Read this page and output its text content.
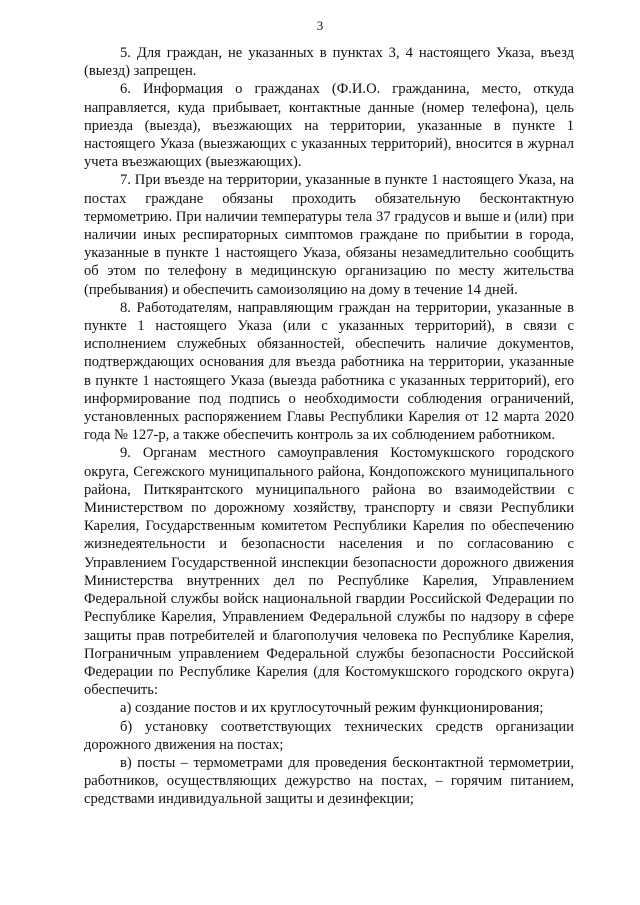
3

5. Для граждан, не указанных в пунктах 3, 4 настоящего Указа, въезд (выезд) запрещен.

6. Информация о гражданах (Ф.И.О. гражданина, место, откуда направляется, куда прибывает, контактные данные (номер телефона), цель приезда (выезда), въезжающих на территории, указанные в пункте 1 настоящего Указа (выезжающих с указанных территорий), вносится в журнал учета въезжающих (выезжающих).

7. При въезде на территории, указанные в пункте 1 настоящего Указа, на постах граждане обязаны проходить обязательную бесконтактную термометрию. При наличии температуры тела 37 градусов и выше и (или) при наличии иных респираторных симптомов граждане по прибытии в города, указанные в пункте 1 настоящего Указа, обязаны незамедлительно сообщить об этом по телефону в медицинскую организацию по месту жительства (пребывания) и обеспечить самоизоляцию на дому в течение 14 дней.

8. Работодателям, направляющим граждан на территории, указанные в пункте 1 настоящего Указа (или с указанных территорий), в связи с исполнением служебных обязанностей, обеспечить наличие документов, подтверждающих основания для въезда работника на территории, указанные в пункте 1 настоящего Указа (выезда работника с указанных территорий), его информирование под подпись о необходимости соблюдения ограничений, установленных распоряжением Главы Республики Карелия от 12 марта 2020 года № 127-р, а также обеспечить контроль за их соблюдением работником.

9. Органам местного самоуправления Костомукшского городского округа, Сегежского муниципального района, Кондопожского муниципального района, Питкярантского муниципального района во взаимодействии с Министерством по дорожному хозяйству, транспорту и связи Республики Карелия, Государственным комитетом Республики Карелия по обеспечению жизнедеятельности и безопасности населения и по согласованию с Управлением Государственной инспекции безопасности дорожного движения Министерства внутренних дел по Республике Карелия, Управлением Федеральной службы войск национальной гвардии Российской Федерации по Республике Карелия, Управлением Федеральной службы по надзору в сфере защиты прав потребителей и благополучия человека по Республике Карелия, Пограничным управлением Федеральной службы безопасности Российской Федерации по Республике Карелия (для Костомукшского городского округа) обеспечить:

а) создание постов и их круглосуточный режим функционирования;

б) установку соответствующих технических средств организации дорожного движения на постах;

в) посты – термометрами для проведения бесконтактной термометрии, работников, осуществляющих дежурство на постах, – горячим питанием, средствами индивидуальной защиты и дезинфекции;
